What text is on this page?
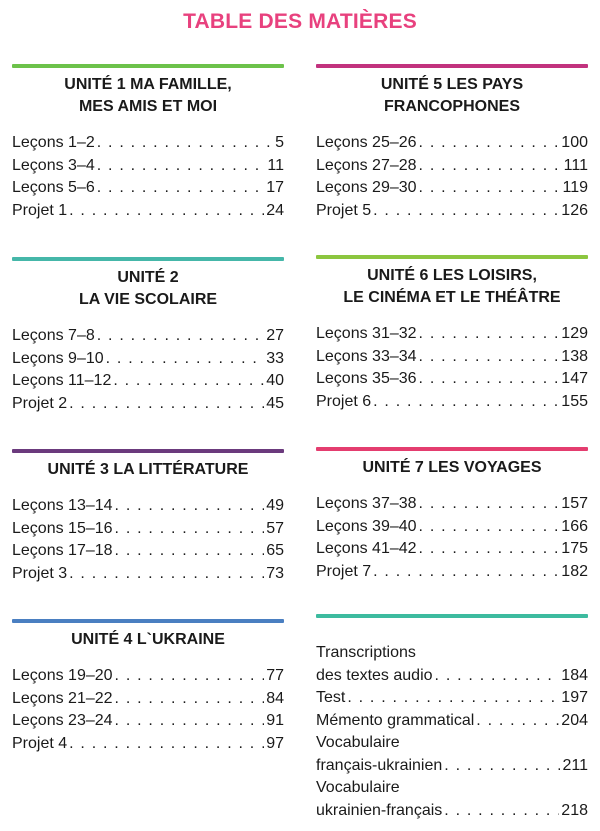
TABLE DES MATIÈRES
UNITÉ 1 MA FAMILLE,
MES AMIS ET MOI
Leçons 1–2 . . .	5
Leçons 3–4 . . .	11
Leçons 5–6 . . .	17
Projet 1 . . .	24
UNITÉ 5 LES PAYS
FRANCOPHONES
Leçons 25–26 . . .	100
Leçons 27–28 . . .	111
Leçons 29–30 . . .	119
Projet 5 . . .	126
UNITÉ 2
LA VIE SCOLAIRE
Leçons 7–8 . . .	27
Leçons 9–10 . . .	33
Leçons 11–12 . . .	40
Projet 2 . . .	45
UNITÉ 6 LES LOISIRS,
LE CINÉMA ET LE THÉÂTRE
Leçons 31–32 . . .	129
Leçons 33–34 . . .	138
Leçons 35–36 . . .	147
Projet 6 . . .	155
UNITÉ 3 LA LITTÉRATURE
Leçons 13–14 . . .	49
Leçons 15–16 . . .	57
Leçons 17–18 . . .	65
Projet 3 . . .	73
UNITÉ 7 LES VOYAGES
Leçons 37–38 . . .	157
Leçons 39–40 . . .	166
Leçons 41–42 . . .	175
Projet 7 . . .	182
UNITÉ 4 L`UKRAINE
Leçons 19–20 . . .	77
Leçons 21–22 . . .	84
Leçons 23–24 . . .	91
Projet 4 . . .	97
Transcriptions
des textes audio . . .	184
Test . . .	197
Mémento grammatical . . .	204
Vocabulaire
français-ukrainien . . .	211
Vocabulaire
ukrainien-français . . .	218
